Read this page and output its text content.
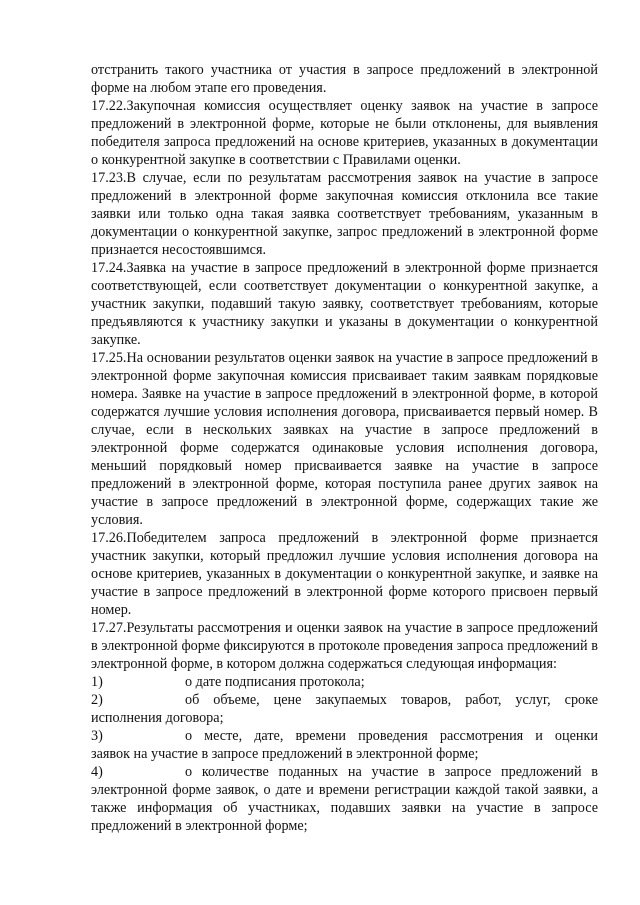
отстранить такого участника от участия в запросе предложений в электронной форме на любом этапе его проведения.

17.22.Закупочная комиссия осуществляет оценку заявок на участие в запросе предложений в электронной форме, которые не были отклонены, для выявления победителя запроса предложений на основе критериев, указанных в документации о конкурентной закупке в соответствии с Правилами оценки.

17.23.В случае, если по результатам рассмотрения заявок на участие в запросе предложений в электронной форме закупочная комиссия отклонила все такие заявки или только одна такая заявка соответствует требованиям, указанным в документации о конкурентной закупке, запрос предложений в электронной форме признается несостоявшимся.

17.24.Заявка на участие в запросе предложений в электронной форме признается соответствующей, если соответствует документации о конкурентной закупке, а участник закупки, подавший такую заявку, соответствует требованиям, которые предъявляются к участнику закупки и указаны в документации о конкурентной закупке.

17.25.На основании результатов оценки заявок на участие в запросе предложений в электронной форме закупочная комиссия присваивает таким заявкам порядковые номера. Заявке на участие в запросе предложений в электронной форме, в которой содержатся лучшие условия исполнения договора, присваивается первый номер. В случае, если в нескольких заявках на участие в запросе предложений в электронной форме содержатся одинаковые условия исполнения договора, меньший порядковый номер присваивается заявке на участие в запросе предложений в электронной форме, которая поступила ранее других заявок на участие в запросе предложений в электронной форме, содержащих такие же условия.

17.26.Победителем запроса предложений в электронной форме признается участник закупки, который предложил лучшие условия исполнения договора на основе критериев, указанных в документации о конкурентной закупке, и заявке на участие в запросе предложений в электронной форме которого присвоен первый номер.

17.27.Результаты рассмотрения и оценки заявок на участие в запросе предложений в электронной форме фиксируются в протоколе проведения запроса предложений в электронной форме, в котором должна содержаться следующая информация:

1)	о дате подписания протокола;
2)	об объеме, цене закупаемых товаров, работ, услуг, сроке
исполнения договора;
3)	о месте, дате, времени проведения рассмотрения и оценки
заявок на участие в запросе предложений в электронной форме;
4)	о количестве поданных на участие в запросе предложений в
электронной форме заявок, о дате и времени регистрации каждой такой заявки, а также информация об участниках, подавших заявки на участие в запросе предложений в электронной форме;
